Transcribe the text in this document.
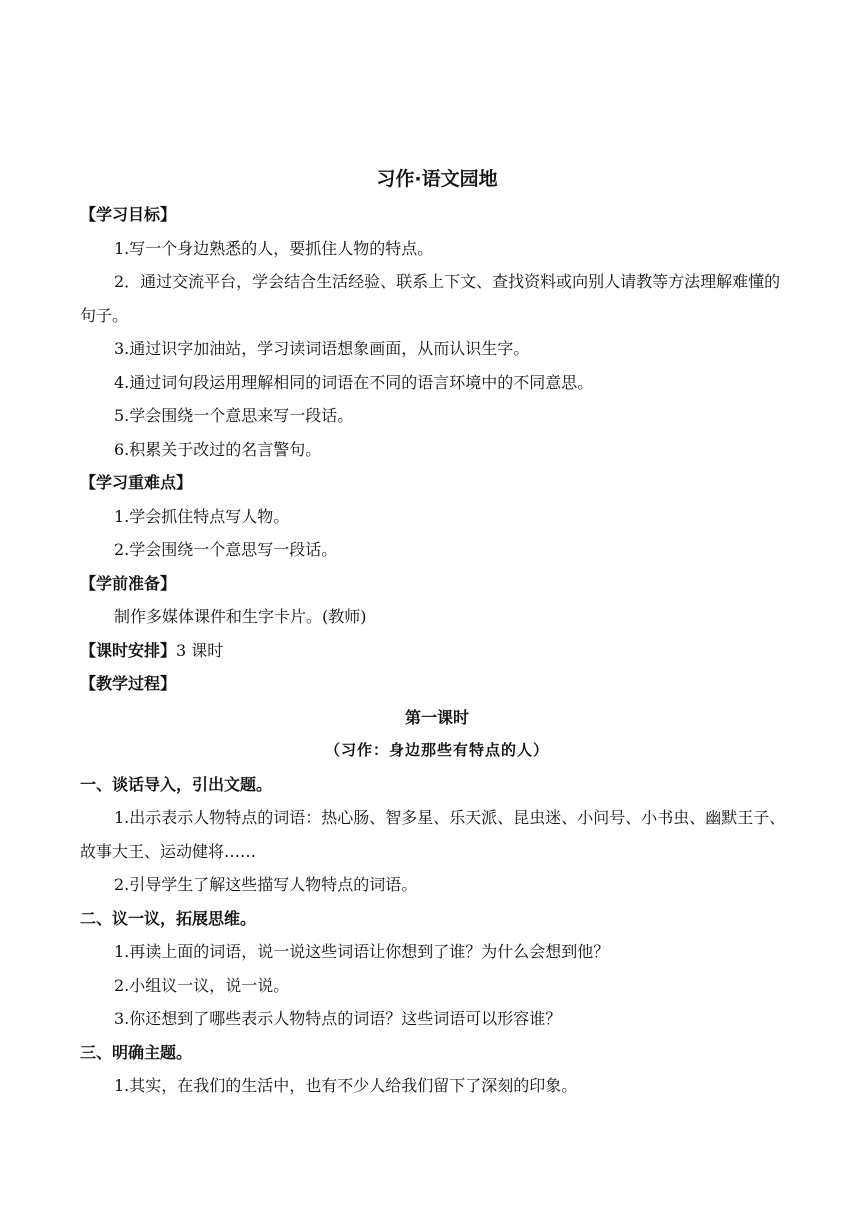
习作·语文园地
【学习目标】
1.写一个身边熟悉的人，要抓住人物的特点。
2．通过交流平台，学会结合生活经验、联系上下文、查找资料或向别人请教等方法理解难懂的句子。
3.通过识字加油站，学习读词语想象画面，从而认识生字。
4.通过词句段运用理解相同的词语在不同的语言环境中的不同意思。
5.学会围绕一个意思来写一段话。
6.积累关于改过的名言警句。
【学习重难点】
1.学会抓住特点写人物。
2.学会围绕一个意思写一段话。
【学前准备】
制作多媒体课件和生字卡片。(教师)
【课时安排】3 课时
【教学过程】
第一课时
（习作：身边那些有特点的人）
一、谈话导入，引出文题。
1.出示表示人物特点的词语：热心肠、智多星、乐天派、昆虫迷、小问号、小书虫、幽默王子、故事大王、运动健将……
2.引导学生了解这些描写人物特点的词语。
二、议一议，拓展思维。
1.再读上面的词语，说一说这些词语让你想到了谁？为什么会想到他？
2.小组议一议，说一说。
3.你还想到了哪些表示人物特点的词语？这些词语可以形容谁？
三、明确主题。
1.其实，在我们的生活中，也有不少人给我们留下了深刻的印象。
